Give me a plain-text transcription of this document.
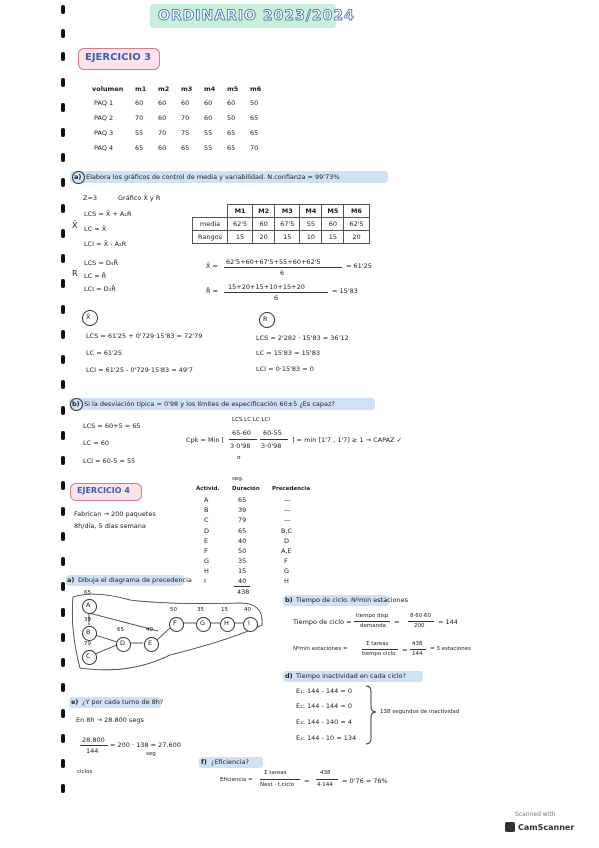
ORDINARIO 2023/2024
EJERCICIO 3
volumen m1 m2 m3 m4 m5 m6
PAQ 1	60 60 60 60 60 50
PAQ 2	70 60 70 60 50 65
PAQ 3	55 70 75 55 65 65
PAQ 4	65 60 65 55 65 70
a) Elabora los gráficos de control de media y variabilidad. N.confianza = 99'73%
Z=3	Gráfico X̄ y R
X̄
LCS = X̄ + A₂R
LC = X̄
LCI = X̄ - A₂R
R
LCS = D₄R̄
LC = R̄
LCI = D₃R̄
	M1	M2	M3	M4	M5	M6
media	62'5	60	67'5	55	60	62'5
Rangos	15	20	15	10	15	20
X̄ = 62'5+60+67'5+55+60+62'5
6
= 61'25
R̄ = 15+20+15+10+15+20
6
= 15'83
X̄
LCS = 61'25 + 0'729·15'83 = 72'79
LC = 61'25
LCI = 61'25 - 0'729·15'83 = 49'7
R
LCS = 2'282 · 15'83 = 36'12
LC = 15'83 = 15'83
LCI = 0·15'83 = 0
b) Si la desviación típica = 0'98 y los límites de especificación 60±5 ¿Es capaz?
LCS = 60+5 = 65
LC = 60
LCI = 60-5 = 55
LCS LC LC LCI
Cpk = Min [
65-60
3·0'98
60-55
3·0'98
] = min [1'7 , 1'7] ≥ 1 → CAPAZ ✓
σ
EJERCICIO 4
Fabrican → 200 paquetes
8h/día, 5 días semana
seg.
Activid. Duración Precedencia
A	65	—
B	39	—
C	79	—
D	65	B,C
E	40	D
F	50	A,E
G	35	F
H	15	G
I	40	H
438
a) Dibuja el diagrama de precedencia
A
65
B
39
C
79	D
65
E
40
F
50
G
35
H
15
I
40
b) Tiempo de ciclo. Nºmin estaciones
Tiempo de ciclo =
tiempo disp
demanda =
8·60·60
200 = 144
Nºmin estaciones =
Σ tareas
tiempo ciclo =
438
144
= 3 estaciones
d) Tiempo inactividad en cada ciclo?
E₁: 144 - 144 = 0
E₂: 144 - 144 = 0
E₃: 144 - 140 = 4
E₄: 144 - 10 = 134
138 segundos de inactividad
e) ¿Y por cada turno de 8h?
En 8h → 28.800 segs
28.800
144
= 200 · 138 = 27.600
seg
ciclos
f) ¿Eficiencia?
Eficiencia =
Σ tareas
Nest · t.ciclo =
438
4·144 = 0'76 = 76%
Scanned with
CamScanner
